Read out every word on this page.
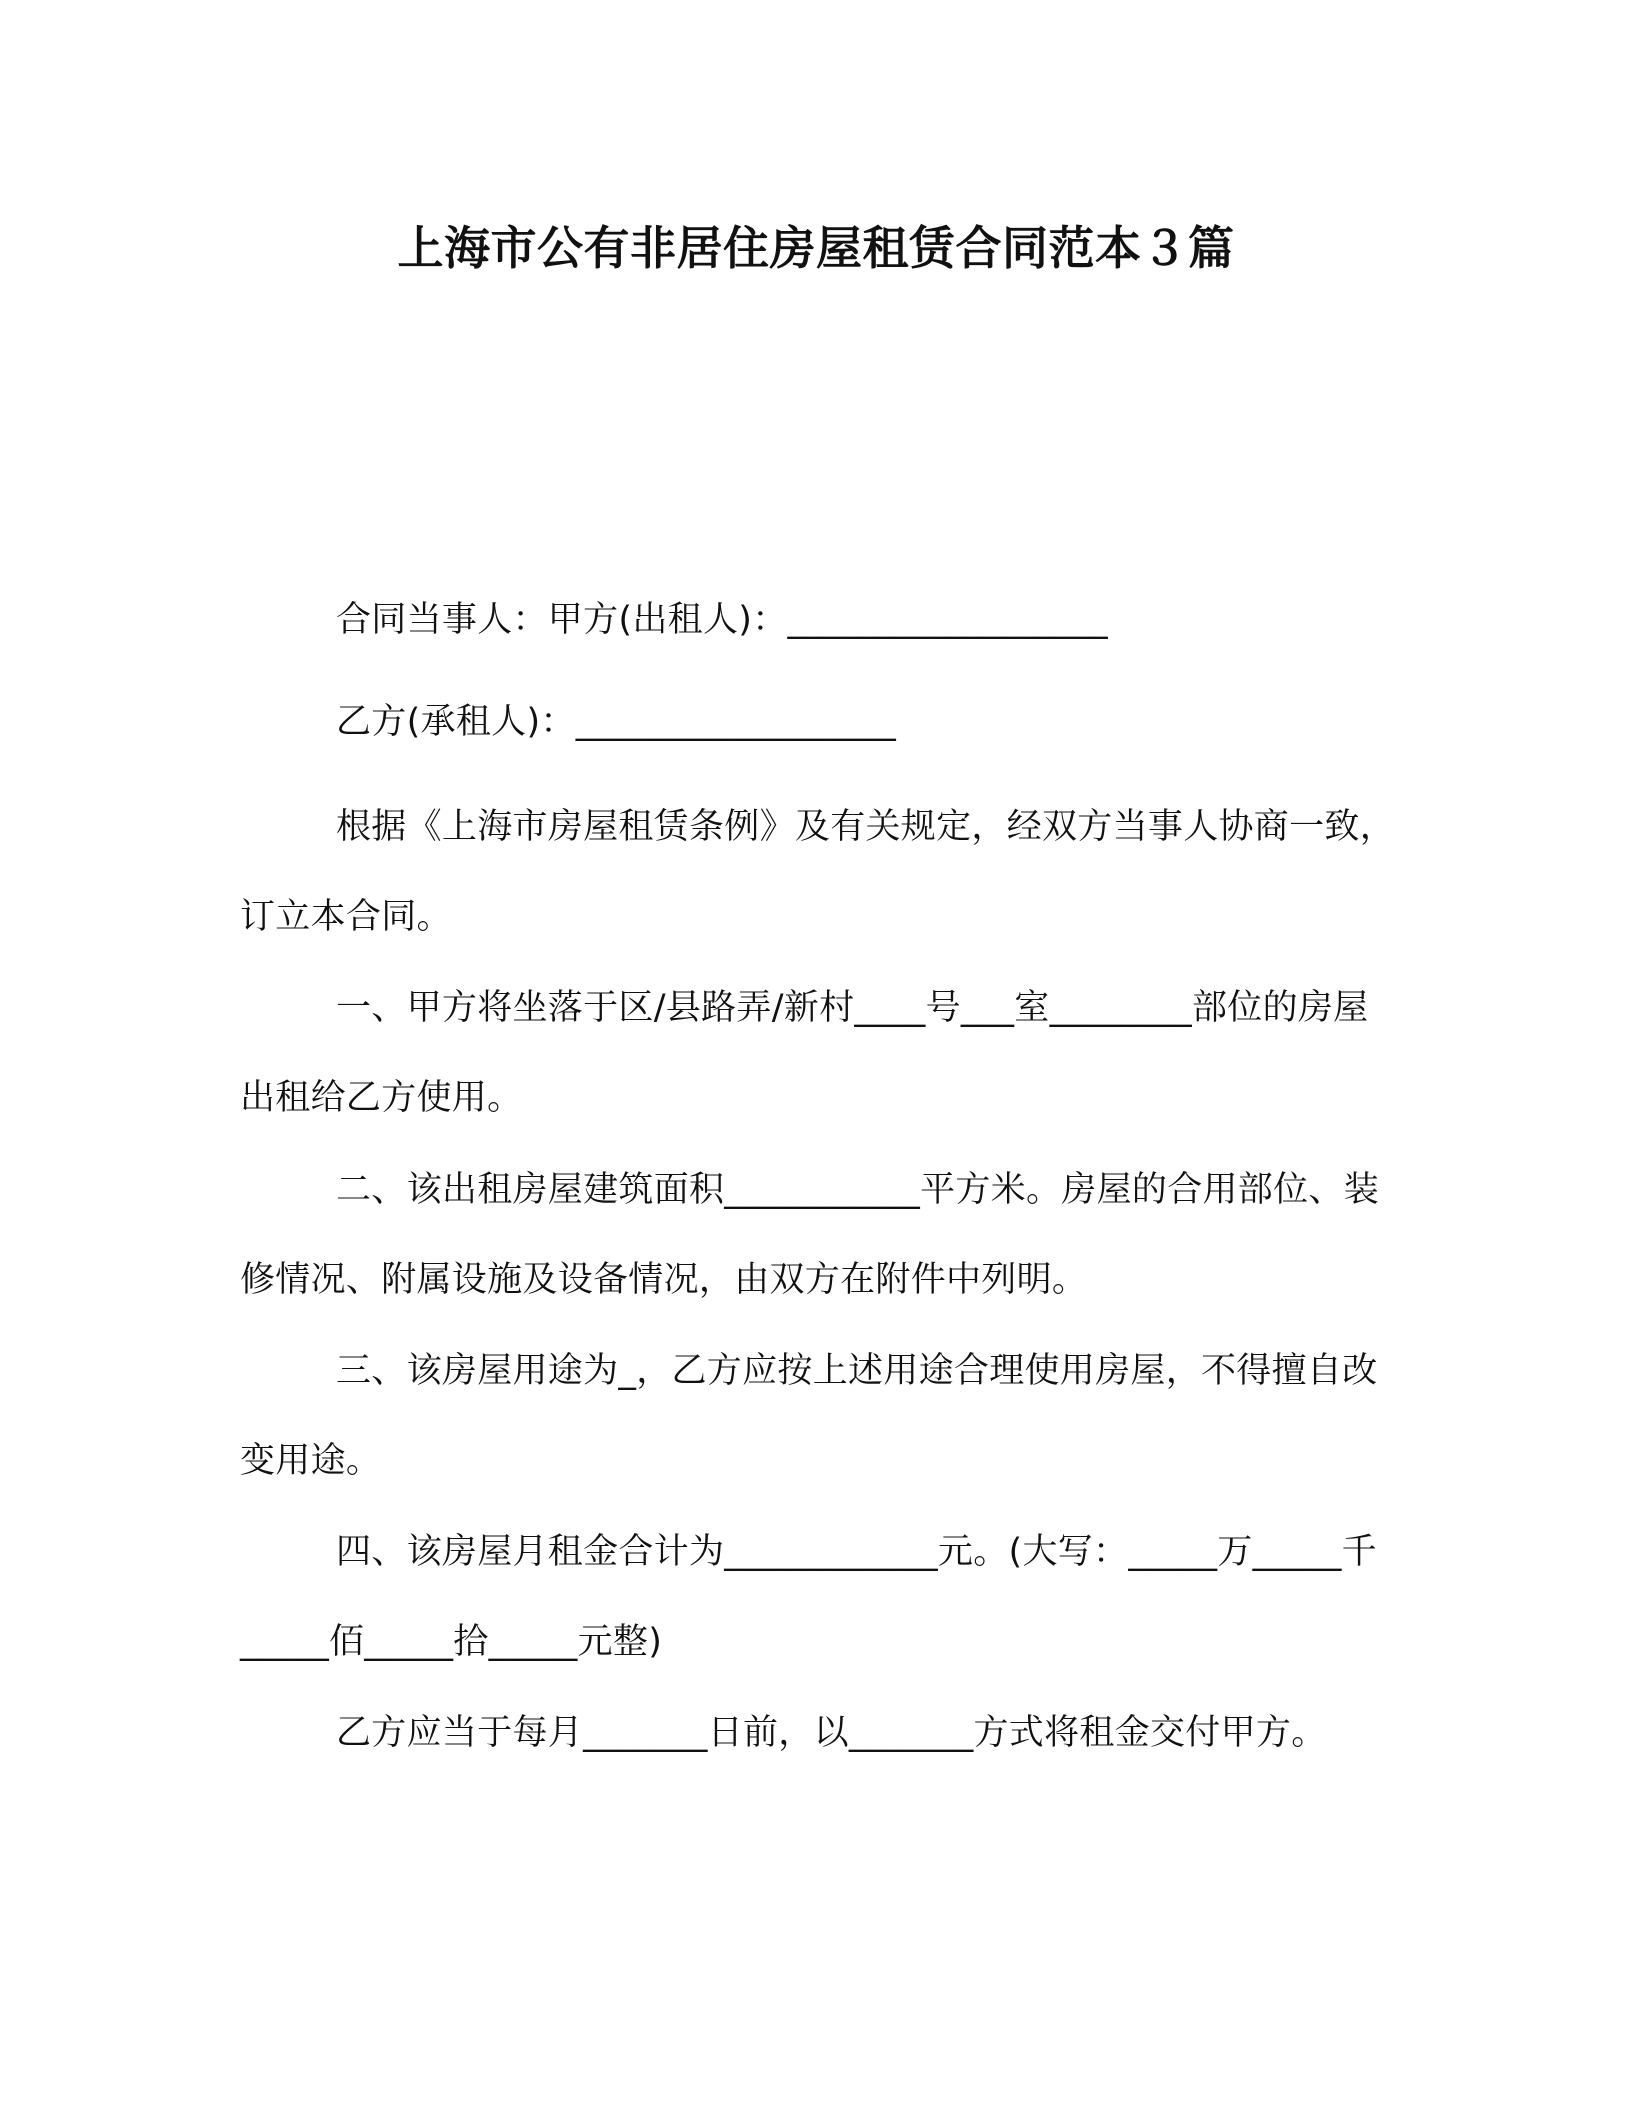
上海市公有非居住房屋租赁合同范本３篇
合同当事人：甲方(出租人)：__________________
乙方(承租人)：__________________
根据《上海市房屋租赁条例》及有关规定，经双方当事人协商一致，订立本合同。
一、甲方将坐落于区/县路弄/新村____号___室________部位的房屋出租给乙方使用。
二、该出租房屋建筑面积___________平方米。房屋的合用部位、装修情况、附属设施及设备情况，由双方在附件中列明。
三、该房屋用途为_，乙方应按上述用途合理使用房屋，不得擅自改变用途。
四、该房屋月租金合计为____________元。(大写：_____万_____千_____佰_____拾_____元整)
乙方应当于每月_______日前，以_______方式将租金交付甲方。
